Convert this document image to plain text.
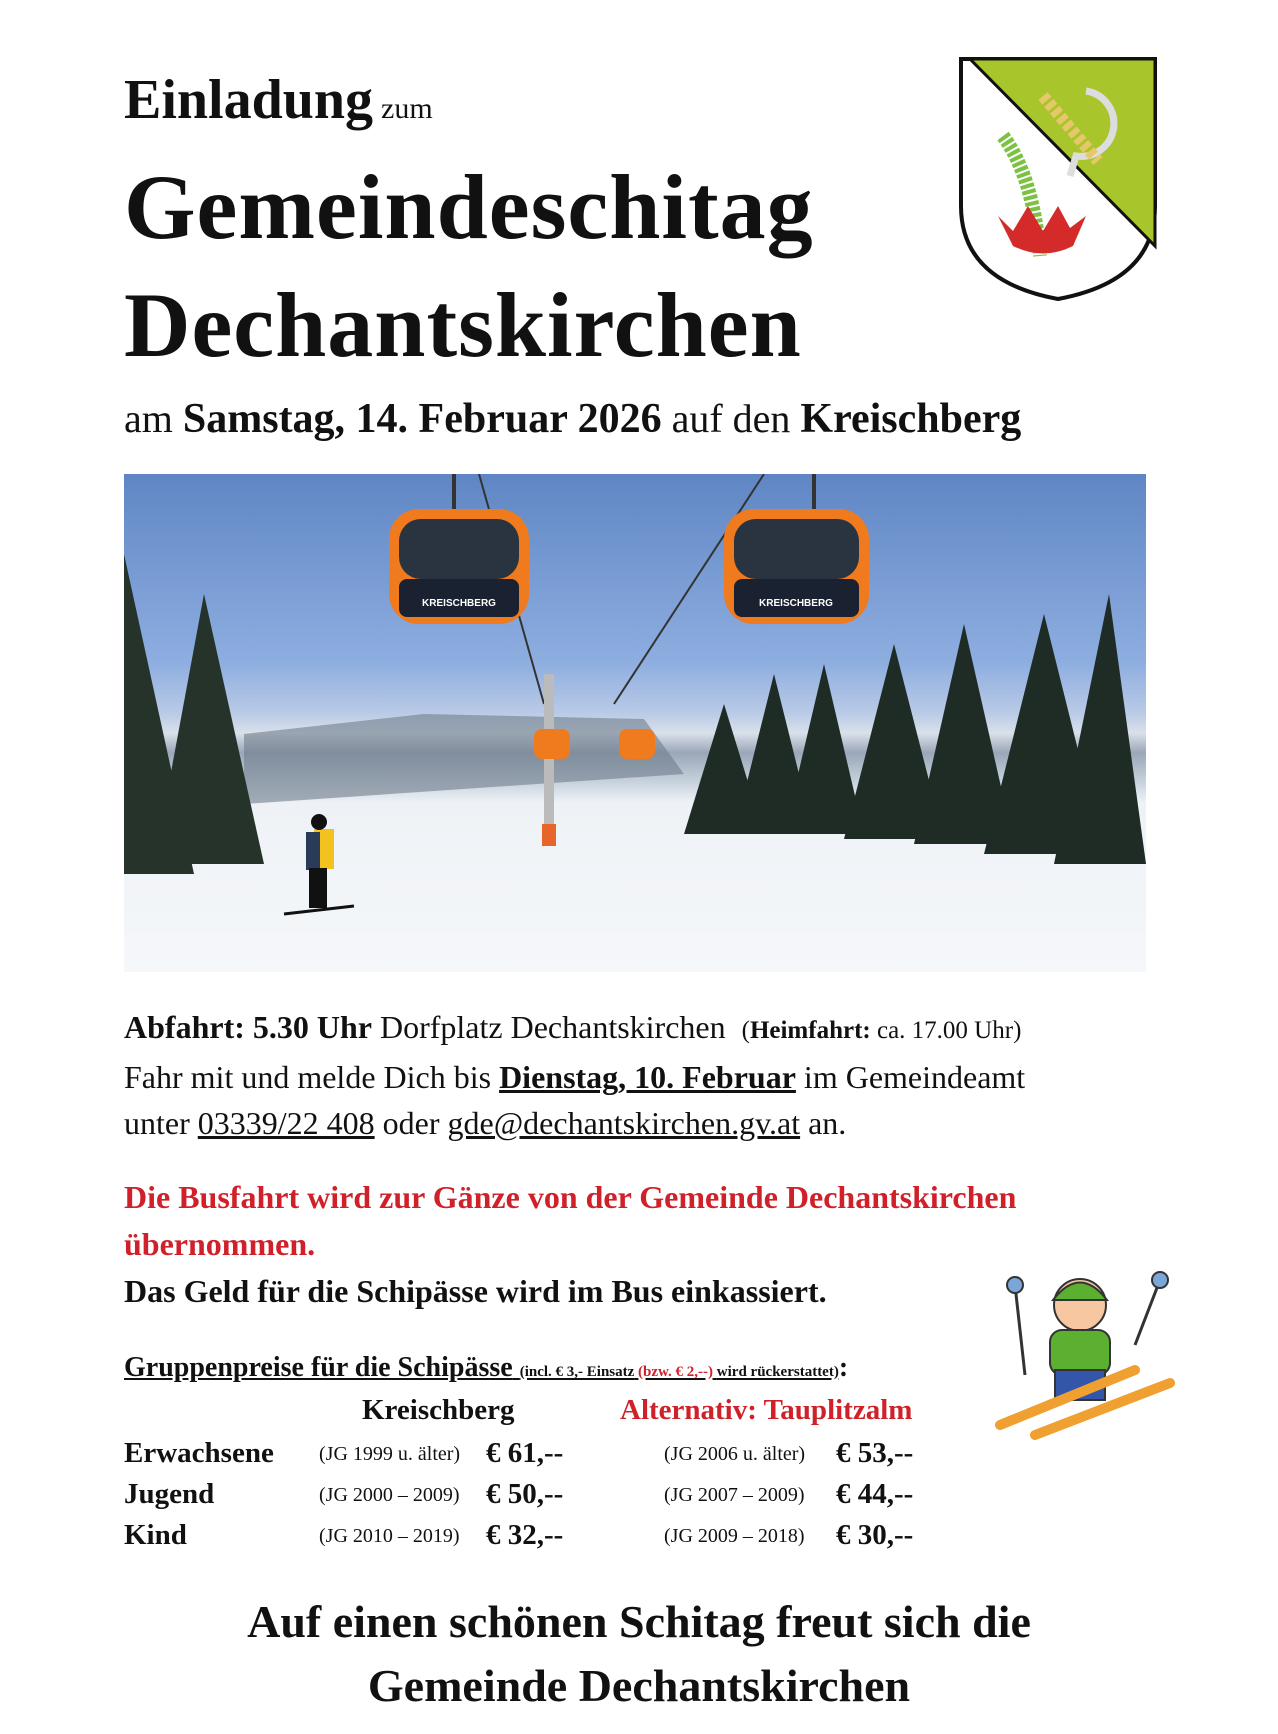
Einladung zum
Gemeindeschitag
Dechantskirchen
am Samstag, 14. Februar 2026 auf den Kreischberg
KREISCHBERG	KREISCHBERG
Abfahrt: 5.30 Uhr Dorfplatz Dechantskirchen (Heimfahrt: ca. 17.00 Uhr)
Fahr mit und melde Dich bis Dienstag, 10. Februar im Gemeindeamt
unter 03339/22 408 oder gde@dechantskirchen.gv.at an.
Die Busfahrt wird zur Gänze von der Gemeinde Dechantskirchen
übernommen.
Das Geld für die Schipässe wird im Bus einkassiert.
Gruppenpreise für die Schipässe (incl. € 3,- Einsatz (bzw. € 2,--) wird rückerstattet):
Kreischberg	Alternativ: Tauplitzalm
Erwachsene (JG 1999 u. älter) € 61,--	(JG 2006 u. älter) € 53,--
Jugend	(JG 2000 – 2009) € 50,--	(JG 2007 – 2009) € 44,--
Kind	(JG 2010 – 2019) € 32,--	(JG 2009 – 2018) € 30,--
Auf einen schönen Schitag freut sich die
Gemeinde Dechantskirchen
